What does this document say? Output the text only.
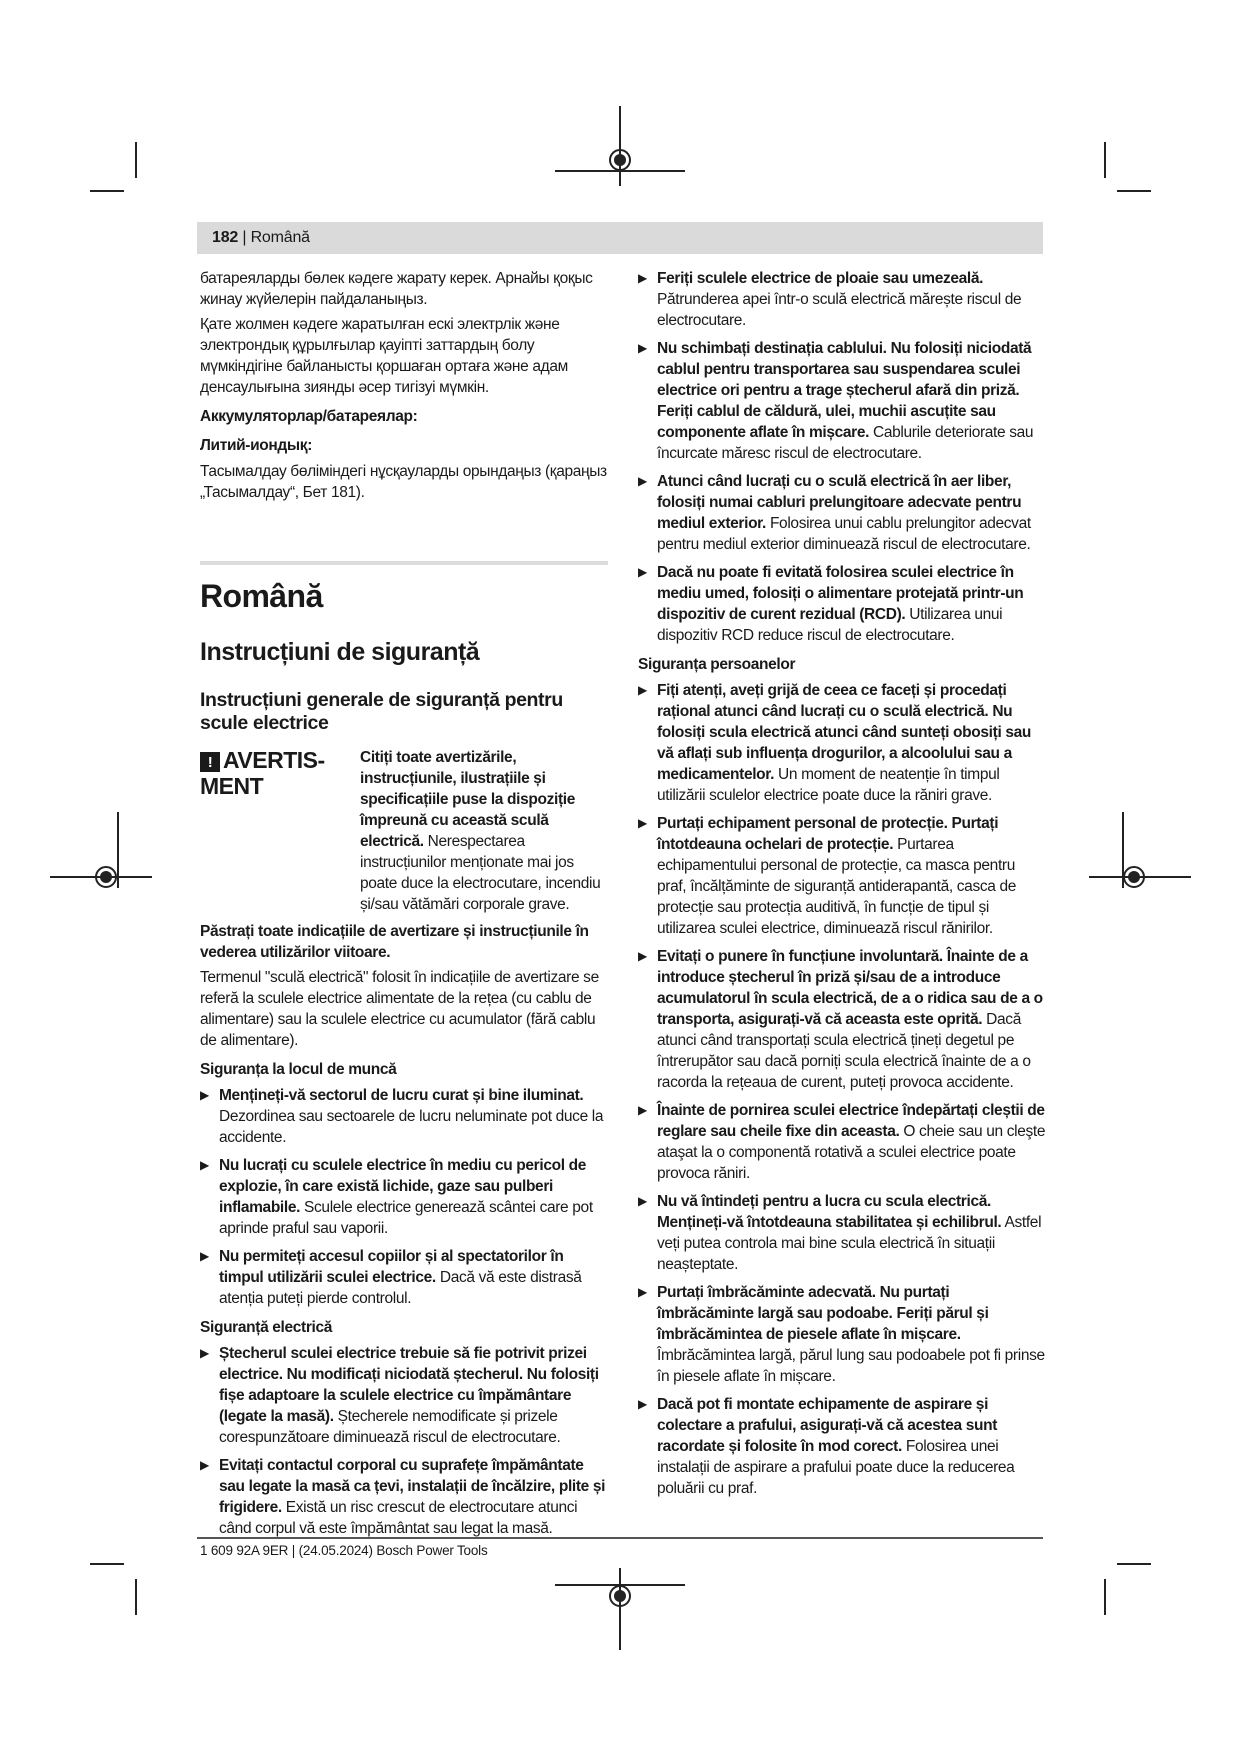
182 | Română

батареяларды бөлек кәдеге жарату керек. Арнайы қоқыс жинау жүйелерін пайдаланыңыз.

Қате жолмен кәдеге жаратылған ескі электрлік және электрондық құрылғылар қауіпті заттардың болу мүмкіндігіне байланысты қоршаған ортаға және адам денсаулығына зиянды әсер тигізуі мүмкін.

Аккумуляторлар/батареялар:

Литий-иондық:

Тасымалдау бөліміндегі нұсқауларды орындаңыз (қараңыз „Тасымалдау“, Бет 181).

Română
Instrucțiuni de siguranță
Instrucțiuni generale de siguranță pentru scule electrice
! AVERTIS-MENT
Citiți toate avertizările, instrucțiunile, ilustrațiile și specificațiile puse la dispoziție împreună cu această sculă electrică. Nerespectarea instrucțiunilor menționate mai jos poate duce la electrocutare, incendiu și/sau vătămări corporale grave.

Păstrați toate indicațiile de avertizare și instrucțiunile în vederea utilizărilor viitoare.

Termenul "sculă electrică" folosit în indicațiile de avertizare se referă la sculele electrice alimentate de la rețea (cu cablu de alimentare) sau la sculele electrice cu acumulator (fără cablu de alimentare).

Siguranța la locul de muncă

▶ Mențineți-vă sectorul de lucru curat și bine iluminat. Dezordinea sau sectoarele de lucru neluminate pot duce la accidente.
▶ Nu lucrați cu sculele electrice în mediu cu pericol de explozie, în care există lichide, gaze sau pulberi inflamabile. Sculele electrice generează scântei care pot aprinde praful sau vaporii.
▶ Nu permiteți accesul copiilor și al spectatorilor în timpul utilizării sculei electrice. Dacă vă este distrasă atenția puteți pierde controlul.

Siguranță electrică

▶ Ștecherul sculei electrice trebuie să fie potrivit prizei electrice. Nu modificați niciodată ștecherul. Nu folosiți fișe adaptoare la sculele electrice cu împământare (legate la masă). Ștecherele nemodificate și prizele corespunzătoare diminuează riscul de electrocutare.
▶ Evitați contactul corporal cu suprafețe împământate sau legate la masă ca țevi, instalații de încălzire, plite și frigidere. Există un risc crescut de electrocutare atunci când corpul vă este împământat sau legat la masă.
▶ Feriți sculele electrice de ploaie sau umezeală. Pătrunderea apei într-o sculă electrică mărește riscul de electrocutare.
▶ Nu schimbați destinația cablului. Nu folosiți niciodată cablul pentru transportarea sau suspendarea sculei electrice ori pentru a trage ștecherul afară din priză. Feriți cablul de căldură, ulei, muchii ascuțite sau componente aflate în mișcare. Cablurile deteriorate sau încurcate măresc riscul de electrocutare.
▶ Atunci când lucrați cu o sculă electrică în aer liber, folosiți numai cabluri prelungitoare adecvate pentru mediul exterior. Folosirea unui cablu prelungitor adecvat pentru mediul exterior diminuează riscul de electrocutare.
▶ Dacă nu poate fi evitată folosirea sculei electrice în mediu umed, folosiți o alimentare protejată printr-un dispozitiv de curent rezidual (RCD). Utilizarea unui dispozitiv RCD reduce riscul de electrocutare.

Siguranța persoanelor

▶ Fiți atenți, aveți grijă de ceea ce faceți și procedați rațional atunci când lucrați cu o sculă electrică. Nu folosiți scula electrică atunci când sunteți obosiți sau vă aflați sub influența drogurilor, a alcoolului sau a medicamentelor. Un moment de neatenție în timpul utilizării sculelor electrice poate duce la răniri grave.
▶ Purtați echipament personal de protecție. Purtați întotdeauna ochelari de protecție. Purtarea echipamentului personal de protecție, ca masca pentru praf, încălțăminte de siguranță antiderapantă, casca de protecție sau protecția auditivă, în funcție de tipul și utilizarea sculei electrice, diminuează riscul rănirilor.
▶ Evitați o punere în funcțiune involuntară. Înainte de a introduce ștecherul în priză și/sau de a introduce acumulatorul în scula electrică, de a o ridica sau de a o transporta, asigurați-vă că aceasta este oprită. Dacă atunci când transportați scula electrică țineți degetul pe întrerupător sau dacă porniți scula electrică înainte de a o racorda la rețeaua de curent, puteți provoca accidente.
▶ Înainte de pornirea sculei electrice îndepărtați cleștii de reglare sau cheile fixe din aceasta. O cheie sau un cleşte ataşat la o componentă rotativă a sculei electrice poate provoca răniri.
▶ Nu vă întindeți pentru a lucra cu scula electrică. Mențineți-vă întotdeauna stabilitatea și echilibrul. Astfel veți putea controla mai bine scula electrică în situații neașteptate.
▶ Purtați îmbrăcăminte adecvată. Nu purtați îmbrăcăminte largă sau podoabe. Feriți părul și îmbrăcămintea de piesele aflate în mișcare. Îmbrăcămintea largă, părul lung sau podoabele pot fi prinse în piesele aflate în mișcare.
▶ Dacă pot fi montate echipamente de aspirare și colectare a prafului, asigurați-vă că acestea sunt racordate și folosite în mod corect. Folosirea unei instalații de aspirare a prafului poate duce la reducerea poluării cu praf.
1 609 92A 9ER | (24.05.2024) Bosch Power Tools
